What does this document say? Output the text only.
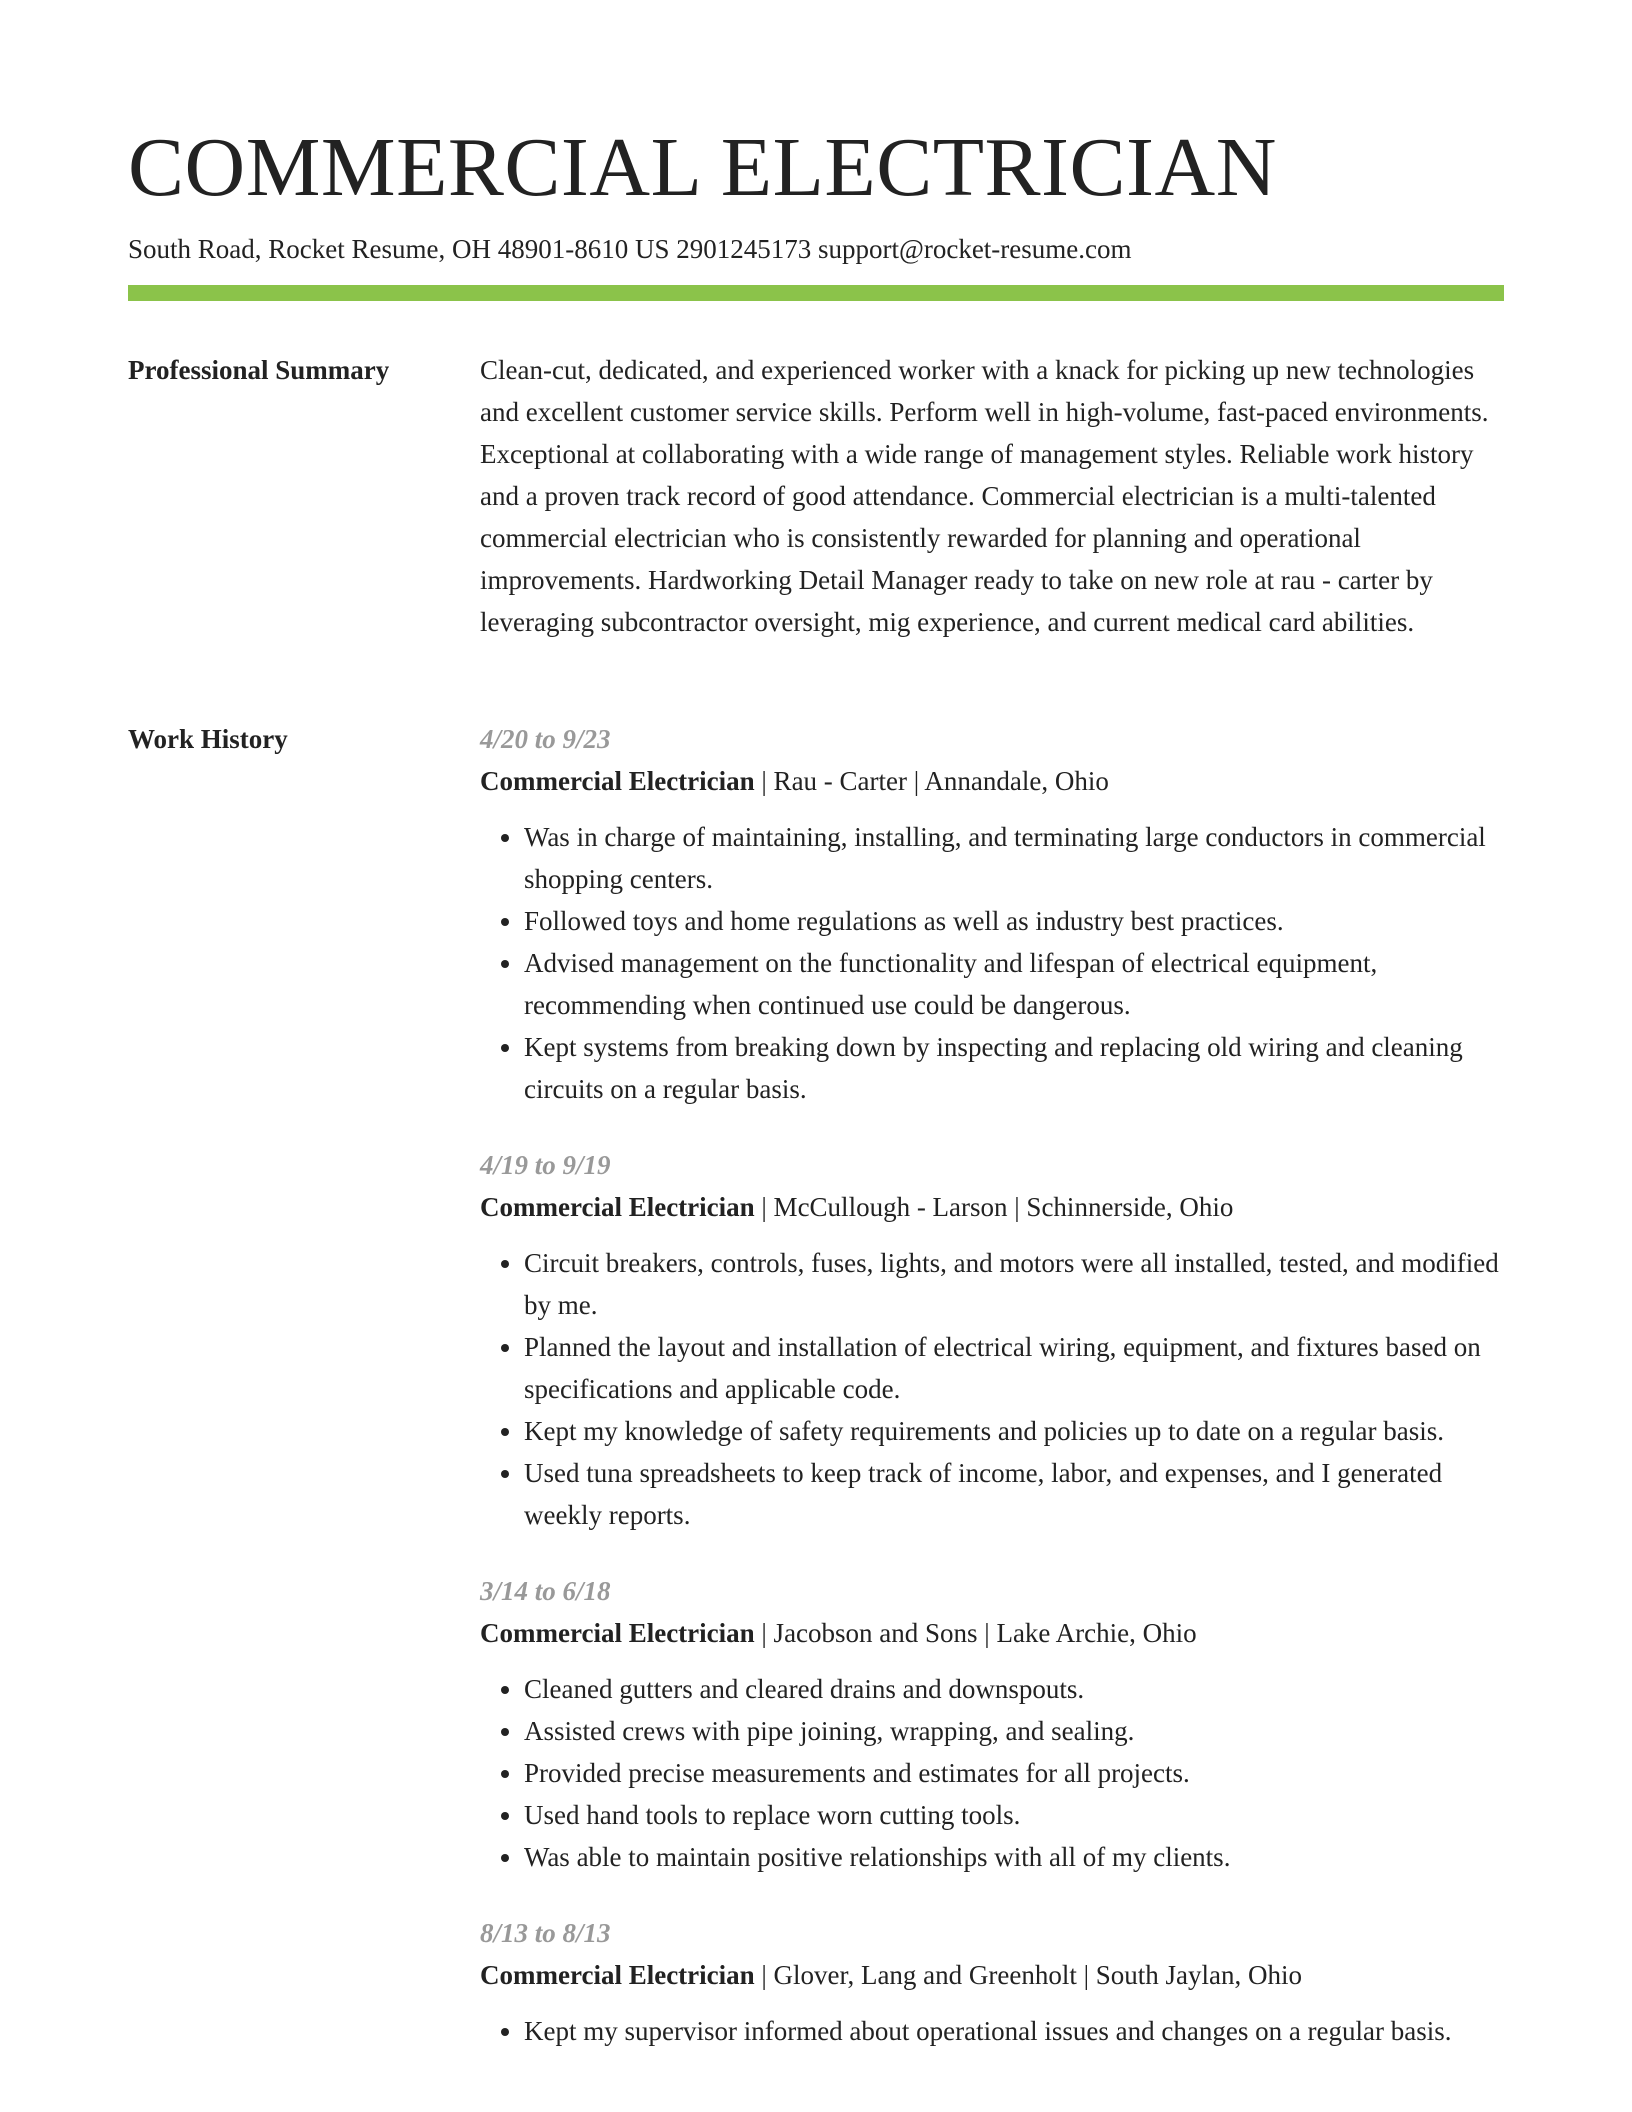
COMMERCIAL ELECTRICIAN
South Road, Rocket Resume, OH 48901-8610 US 2901245173 support@rocket-resume.com
Professional Summary	Clean-cut, dedicated, and experienced worker with a knack for picking up new technologies and excellent customer service skills. Perform well in high-volume, fast-paced environments. Exceptional at collaborating with a wide range of management styles. Reliable work history and a proven track record of good attendance. Commercial electrician is a multi-talented commercial electrician who is consistently rewarded for planning and operational improvements. Hardworking Detail Manager ready to take on new role at rau - carter by leveraging subcontractor oversight, mig experience, and current medical card abilities.

Work History	4/20 to 9/23
Commercial Electrician | Rau - Carter | Annandale, Ohio
• Was in charge of maintaining, installing, and terminating large conductors in commercial shopping centers.
• Followed toys and home regulations as well as industry best practices.
• Advised management on the functionality and lifespan of electrical equipment, recommending when continued use could be dangerous.
• Kept systems from breaking down by inspecting and replacing old wiring and cleaning circuits on a regular basis.
4/19 to 9/19
Commercial Electrician | McCullough - Larson | Schinnerside, Ohio
• Circuit breakers, controls, fuses, lights, and motors were all installed, tested, and modified by me.
• Planned the layout and installation of electrical wiring, equipment, and fixtures based on specifications and applicable code.
• Kept my knowledge of safety requirements and policies up to date on a regular basis.
• Used tuna spreadsheets to keep track of income, labor, and expenses, and I generated weekly reports.
3/14 to 6/18
Commercial Electrician | Jacobson and Sons | Lake Archie, Ohio
• Cleaned gutters and cleared drains and downspouts.
• Assisted crews with pipe joining, wrapping, and sealing.
• Provided precise measurements and estimates for all projects.
• Used hand tools to replace worn cutting tools.
• Was able to maintain positive relationships with all of my clients.
8/13 to 8/13
Commercial Electrician | Glover, Lang and Greenholt | South Jaylan, Ohio
• Kept my supervisor informed about operational issues and changes on a regular basis.
